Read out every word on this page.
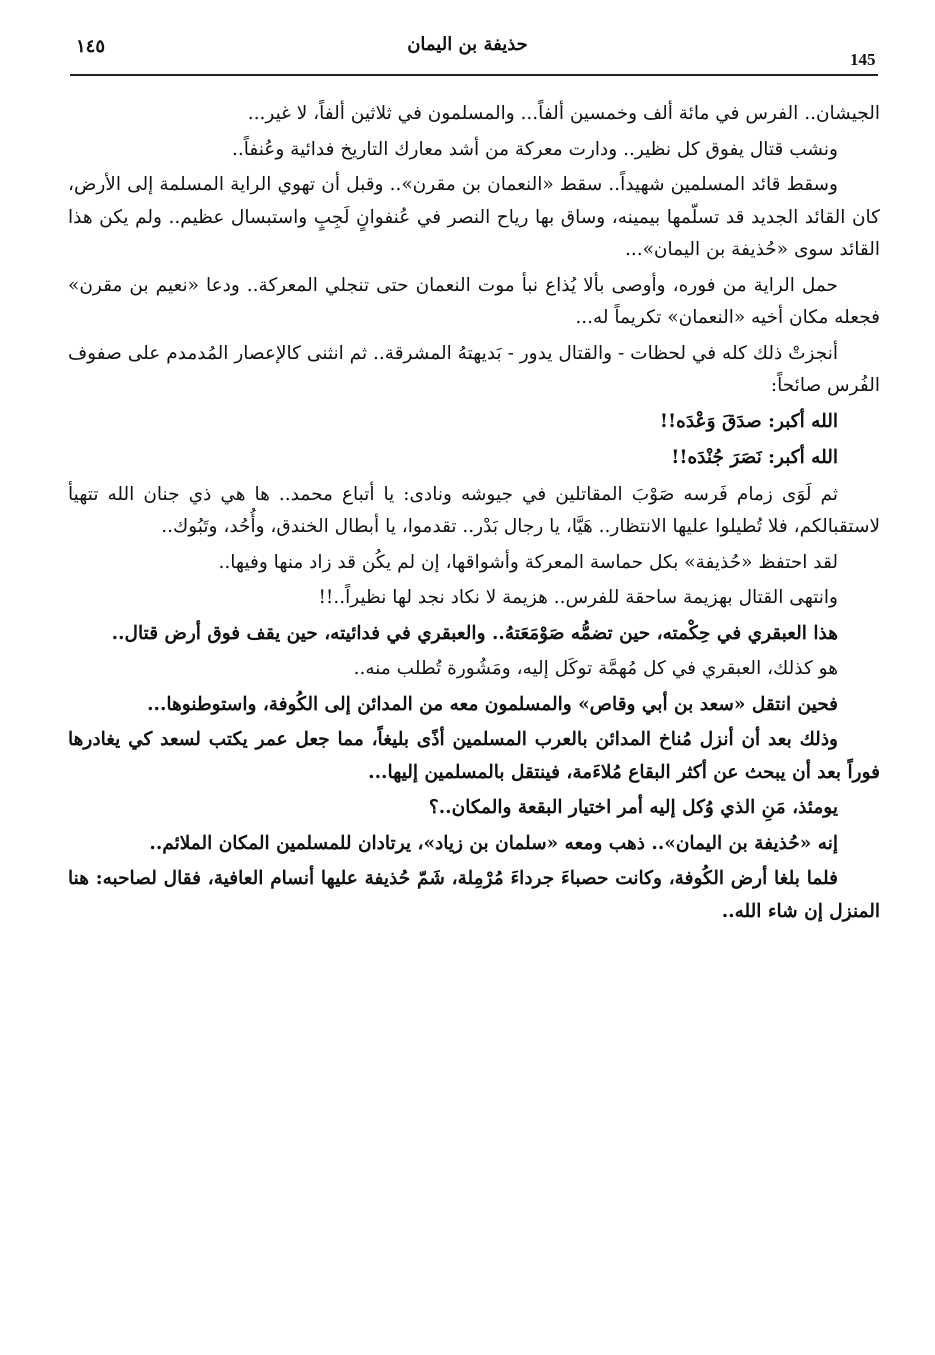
145
١٤٥	حذيفة بن اليمان

الجيشان.. الفرس في مائة ألف وخمسين ألفاً... والمسلمون في ثلاثين ألفاً، لا غير...

ونشب قتال يفوق كل نظير.. ودارت معركة من أشد معارك التاريخ فدائية وعُنفاً..

وسقط قائد المسلمين شهيداً.. سقط «النعمان بن مقرن».. وقبل أن تهوي الراية المسلمة إلى الأرض، كان القائد الجديد قد تسلّمها بيمينه، وساق بها رياح النصر في عُنفوانٍ لَجِبٍ واستبسال عظيم.. ولم يكن هذا القائد سوى «حُذيفة بن اليمان»...

حمل الراية من فوره، وأوصى بألا يُذاع نبأ موت النعمان حتى تنجلي المعركة.. ودعا «نعيم بن مقرن» فجعله مكان أخيه «النعمان» تكريماً له...

أنجزتْ ذلك كله في لحظات - والقتال يدور - بَديهتهُ المشرقة.. ثم انثنى كالإعصار المُدمدم على صفوف الفُرس صائحاً:

الله أكبر: صدَقَ وَعْدَه!!

الله أكبر: نَصَرَ جُنْدَه!!

ثم لَوَى زمام فَرسه صَوْبَ المقاتلين في جيوشه ونادى: يا أتباع محمد.. ها هي ذي جنان الله تتهيأ لاستقبالكم، فلا تُطيلوا عليها الانتظار.. هَيَّا، يا رجال بَدْر.. تقدموا، يا أبطال الخندق، وأُحُد، وتَبُوك..

لقد احتفظ «حُذيفة» بكل حماسة المعركة وأشواقها، إن لم يكُن قد زاد منها وفيها..

وانتهى القتال بهزيمة ساحقة للفرس.. هزيمة لا نكاد نجد لها نظيراً..!!

هذا العبقري في حِكْمته، حين تضمُّه صَوْمَعَتهُ.. والعبقري في فدائيته، حين يقف فوق أرض قتال..

هو كذلك، العبقري في كل مُهمَّة توكَل إليه، ومَشُورة تُطلب منه..

فحين انتقل «سعد بن أبي وقاص» والمسلمون معه من المدائن إلى الكُوفة، واستوطنوها...

وذلك بعد أن أنزل مُناخ المدائن بالعرب المسلمين أذًى بليغاً، مما جعل عمر يكتب لسعد كي يغادرها فوراً بعد أن يبحث عن أكثر البقاع مُلاءَمة، فينتقل بالمسلمين إليها...

يومئذ، مَنِ الذي وُكل إليه أمر اختيار البقعة والمكان..؟

إنه «حُذيفة بن اليمان».. ذهب ومعه «سلمان بن زياد»، يرتادان للمسلمين المكان الملائم..

فلما بلغا أرض الكُوفة، وكانت حصباءَ جرداءَ مُرْمِلة، شَمّ حُذيفة عليها أنسام العافية، فقال لصاحبه: هنا المنزل إن شاء الله..
